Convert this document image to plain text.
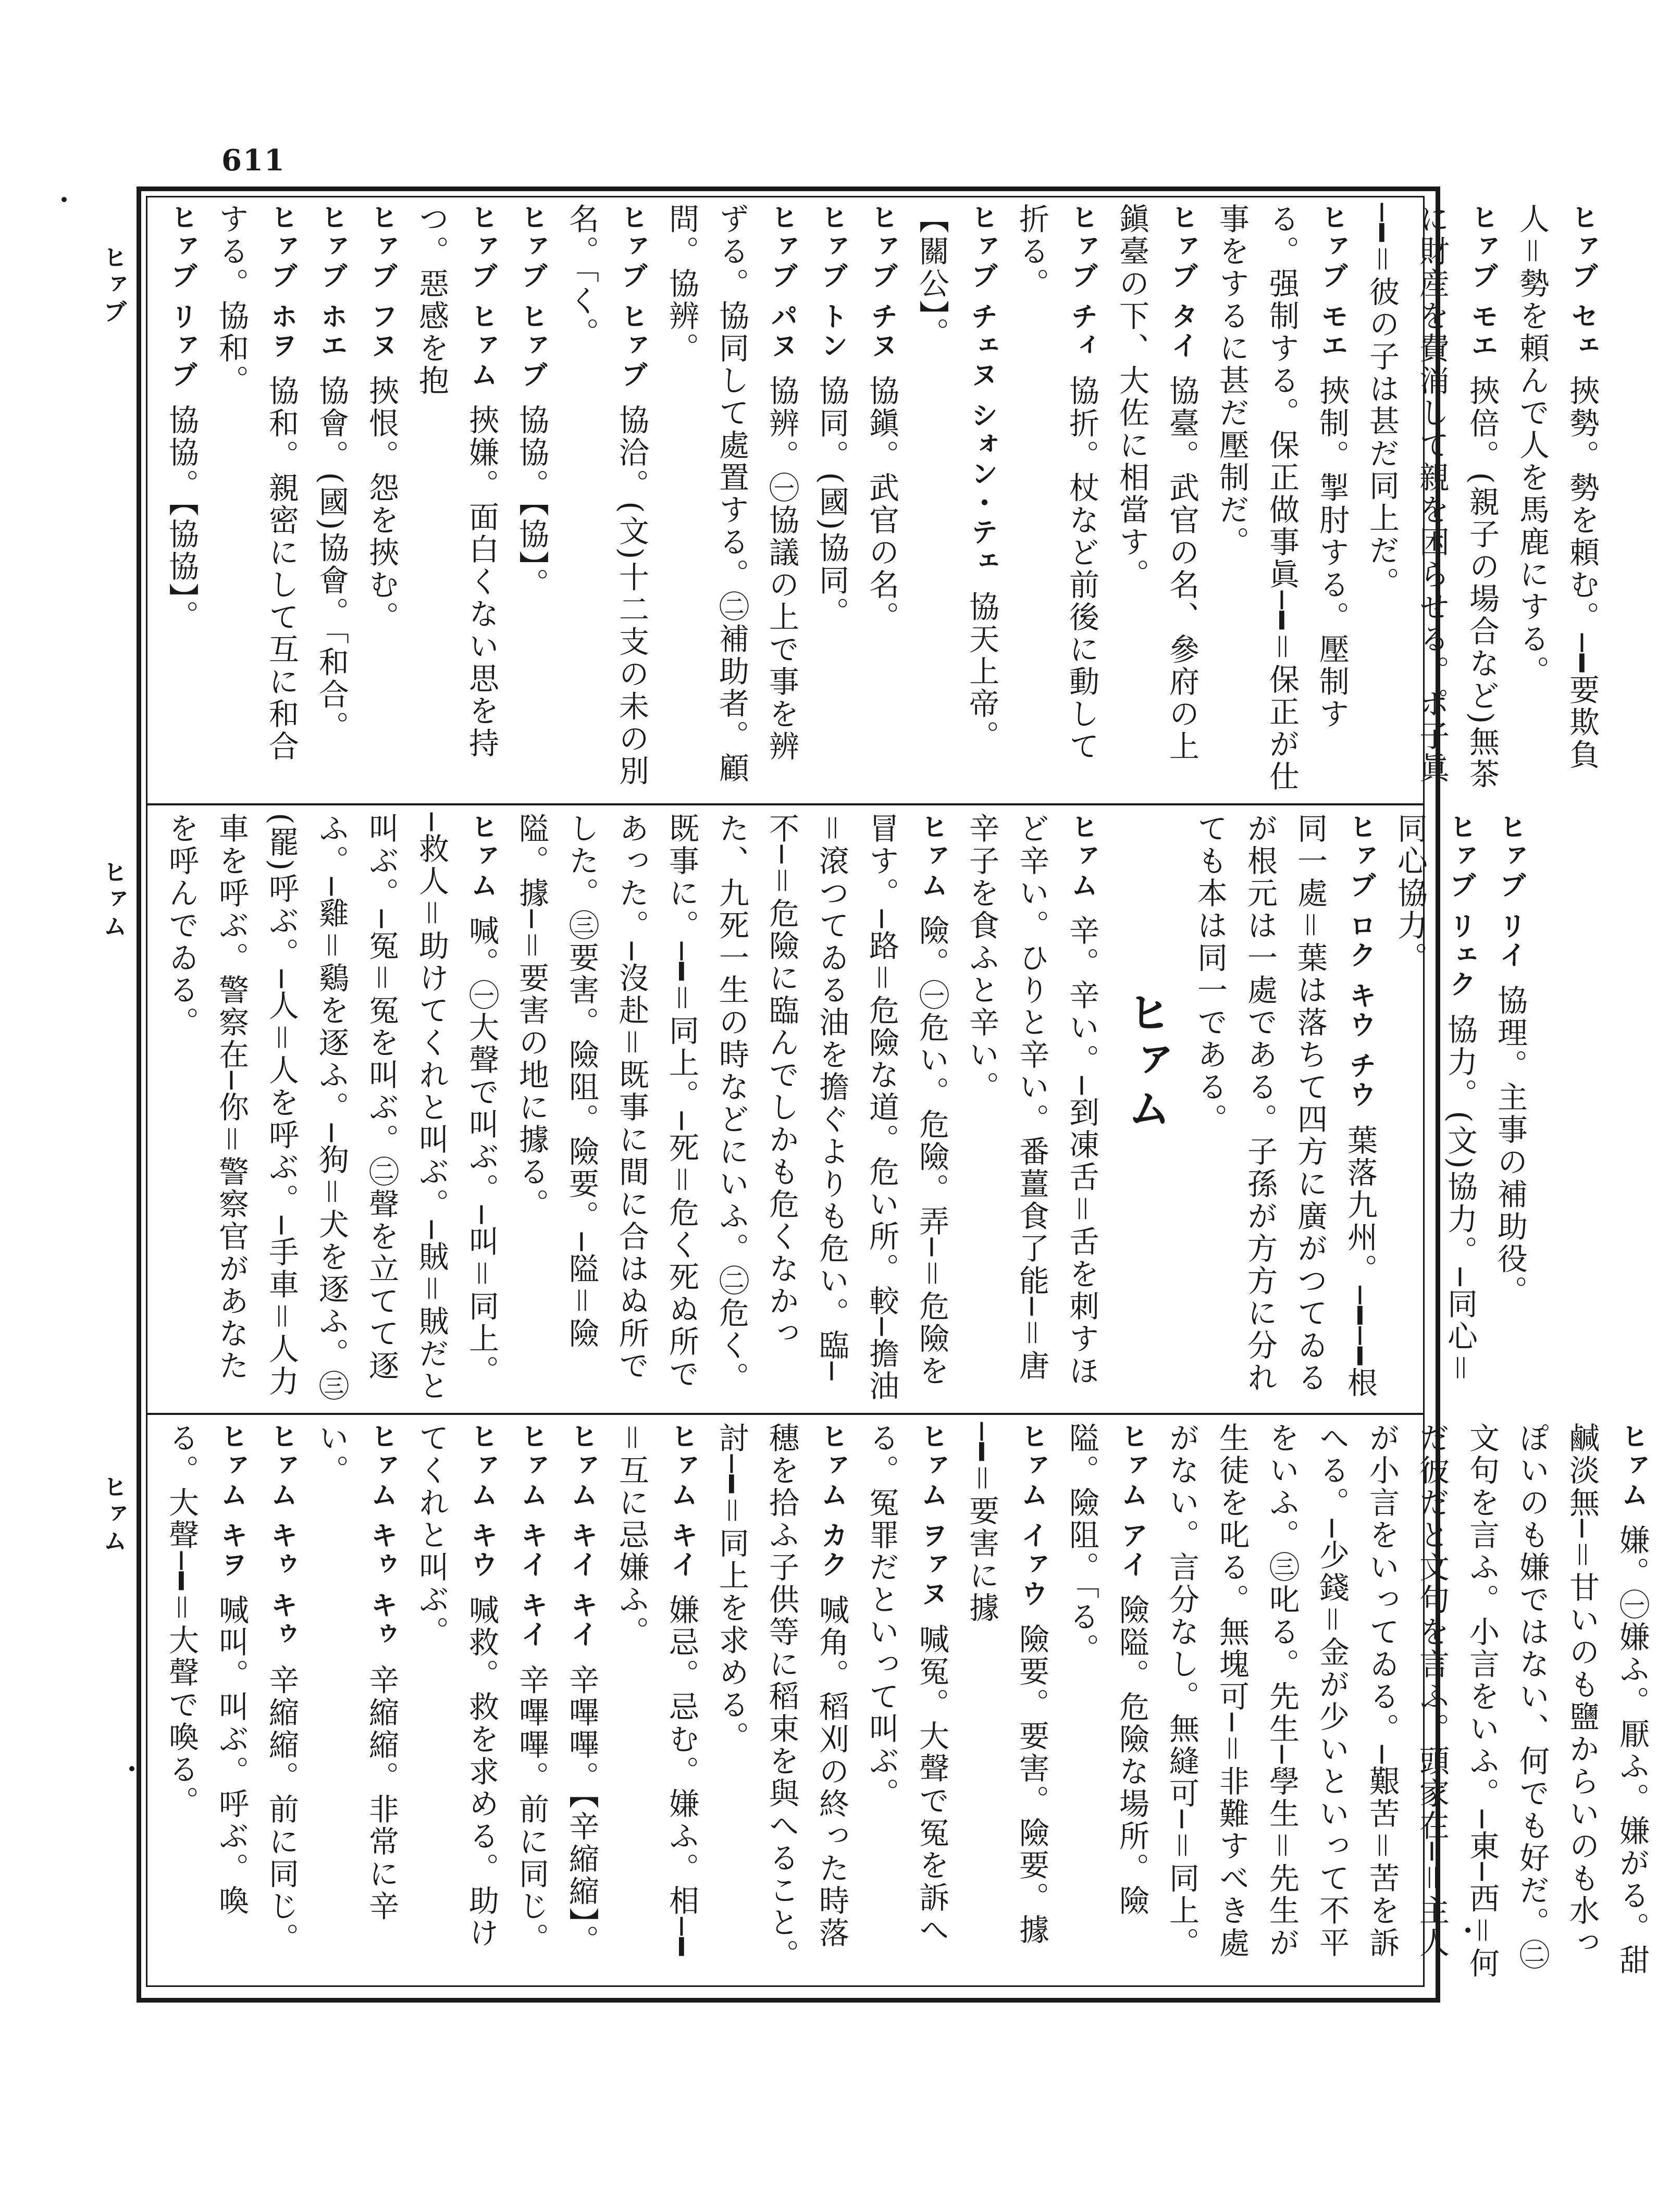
611
ヒァブ
ヒァム
ヒァム

ヒァブ セェ挾勢。勢を頼む。─━要欺負人＝勢を頼んで人を馬鹿にする。

ヒァブ モエ挾倍。(親子の場合など)無茶に財産を費消して親を困らせる。ポ子眞─━＝彼の子は甚だ同上だ。

ヒァブ モエ挾制。掣肘する。壓制する。强制する。保正做事眞─━＝保正が仕事をするに甚だ壓制だ。

ヒァブ タイ協臺。武官の名、參府の上鎭臺の下、大佐に相當す。

ヒァブ チィ協折。杖など前後に動して折る。

ヒァブ チェヌ シォン・テェ協天上帝。【關公】。

ヒァブ チヌ協鎭。武官の名。

ヒァブ トン協同。(國)協同。

ヒァブ パヌ協辨。㊀協議の上で事を辨ずる。協同して處置する。㊁補助者。顧問。協辨。

ヒァブ ヒァブ協洽。(文)十二支の未の別名。「く。

ヒァブ ヒァブ協協。【協】。

ヒァブ ヒァム挾嫌。面白くない思を持つ。惡感を抱

ヒァブ フヌ挾恨。怨を挾む。

ヒァブ ホエ協會。(國)協會。「和合。

ヒァブ ホヲ協和。親密にして互に和合する。協和。

ヒァブ リァブ協協。【協協】。

ヒァブ リイ協理。主事の補助役。

ヒァブ リェク協力。(文)協力。─同心＝同心協力。

ヒァブ ロク キウ チウ葉落九州。─━─━根同一處＝葉は落ちて四方に廣がつてゐるが根元は一處である。子孫が方方に分れても本は同一である。

ヒァム

ヒァム辛。辛い。─到凍舌＝舌を刺すほど辛い。ひりと辛い。番薑食了能─＝唐辛子を食ふと辛い。

ヒァム險。㊀危い。危險。弄─＝危險を冒す。─路＝危險な道。危い所。較─擔油＝滾つてゐる油を擔ぐよりも危い。臨─不─＝危險に臨んでしかも危くなかった、九死一生の時などにいふ。㊁危く。既事に。─━＝同上。─死＝危く死ぬ所であった。─沒赴＝既事に間に合はぬ所でした。㊂要害。險阻。險要。─隘＝險隘。據─＝要害の地に據る。

ヒァム喊。㊀大聲で叫ぶ。─叫＝同上。─救人＝助けてくれと叫ぶ。─賊＝賊だと叫ぶ。─冤＝冤を叫ぶ。㊁聲を立てて逐ふ。─雞＝鷄を逐ふ。─狗＝犬を逐ふ。㊂(罷)呼ぶ。─人＝人を呼ぶ。─手車＝人力車を呼ぶ。警察在─你＝警察官があなたを呼んでゐる。

ヒァム嫌。㊀嫌ふ。厭ふ。嫌がる。甜鹹淡無─＝甘いのも鹽からいのも水っぽいのも嫌ではない、何でも好だ。㊁文句を言ふ。小言をいふ。─東─西＝何だ彼だと文句を言ふ。頭家在─＝主人が小言をいってゐる。─艱苦＝苦を訴へる。─少錢＝金が少いといって不平をいふ。㊂叱る。先生─學生＝先生が生徒を叱る。無塊可─＝非難すべき處がない。言分なし。無縫可─＝同上。

ヒァム アイ險隘。危險な場所。險隘。險阻。「る。

ヒァム イァウ險要。要害。險要。據─━＝要害に據

ヒァム ヲァヌ喊冤。大聲で冤を訴へる。冤罪だといって叫ぶ。

ヒァム カク喊角。稻刈の終った時落穗を拾ふ子供等に稻束を與へること。討─━＝同上を求める。

ヒァム キイ嫌忌。忌む。嫌ふ。相─━＝互に忌嫌ふ。

ヒァム キイ キイ辛嗶嗶。【辛縮縮】。

ヒァム キイ キイ辛嗶嗶。前に同じ。

ヒァム キウ喊救。救を求める。助けてくれと叫ぶ。

ヒァム キゥ キゥ辛縮縮。非常に辛い。

ヒァム キゥ キゥ辛縮縮。前に同じ。

ヒァム キヲ喊叫。叫ぶ。呼ぶ。喚る。大聲─━＝大聲で喚る。
